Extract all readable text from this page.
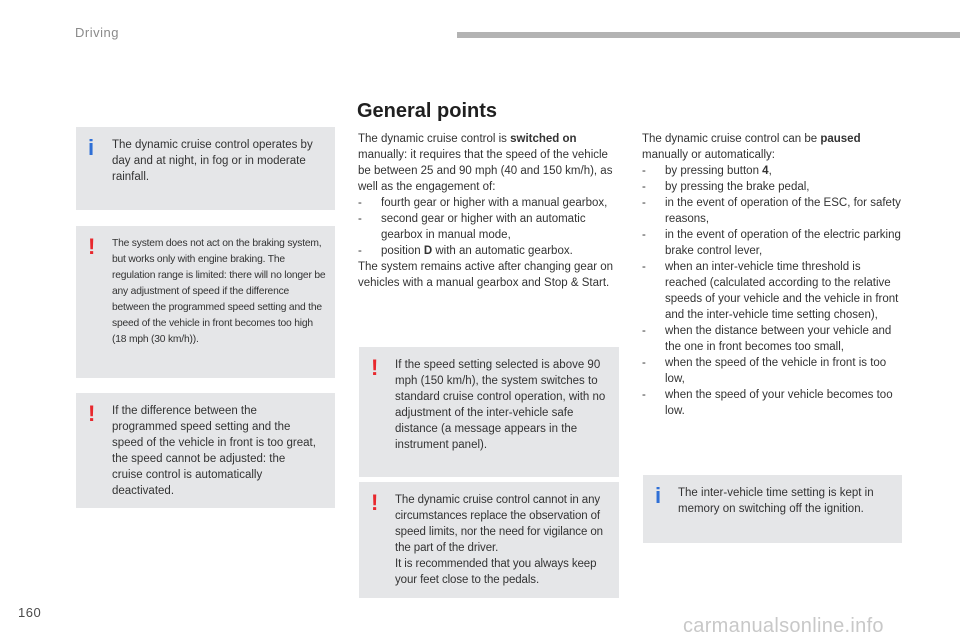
Driving
i The dynamic cruise control operates by day and at night, in fog or in moderate rainfall.
! The system does not act on the braking system, but works only with engine braking. The regulation range is limited: there will no longer be any adjustment of speed if the difference between the programmed speed setting and the speed of the vehicle in front becomes too high (18 mph (30 km/h)).
! If the difference between the programmed speed setting and the speed of the vehicle in front is too great, the speed cannot be adjusted: the cruise control is automatically deactivated.
General points

The dynamic cruise control is switched on manually: it requires that the speed of the vehicle be between 25 and 90 mph (40 and 150 km/h), as well as the engagement of:

- fourth gear or higher with a manual gearbox,
- second gear or higher with an automatic gearbox in manual mode,
- position D with an automatic gearbox.

The system remains active after changing gear on vehicles with a manual gearbox and Stop & Start.

! If the speed setting selected is above 90 mph (150 km/h), the system switches to standard cruise control operation, with no adjustment of the inter-vehicle safe distance (a message appears in the instrument panel).
! The dynamic cruise control cannot in any circumstances replace the observation of speed limits, nor the need for vigilance on the part of the driver.

It is recommended that you always keep your feet close to the pedals.

The dynamic cruise control can be paused manually or automatically:

- by pressing button 4,
- by pressing the brake pedal,
- in the event of operation of the ESC, for safety reasons,
- in the event of operation of the electric parking brake control lever,
- when an inter-vehicle time threshold is reached (calculated according to the relative speeds of your vehicle and the vehicle in front and the inter-vehicle time setting chosen),
- when the distance between your vehicle and the one in front becomes too small,
- when the speed of the vehicle in front is too low,
- when the speed of your vehicle becomes too low.
i The inter-vehicle time setting is kept in memory on switching off the ignition.
160
carmanualsonline.info
